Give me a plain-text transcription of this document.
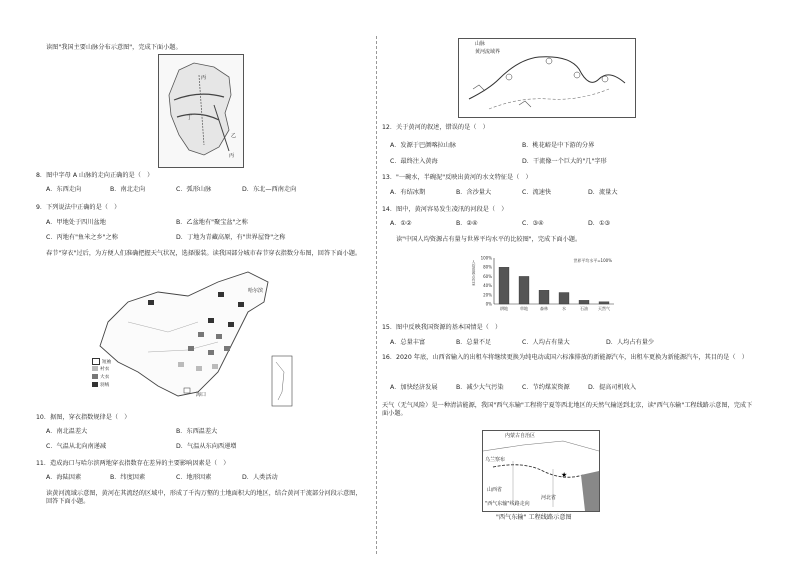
读图"我国主要山脉分布示意图"，完成下面小题。
丙
丁
乙
丙
8．图中字母 A 山脉的走向正确的是（　）
A．东西走向	B．南北走向	C．弧形山脉	D．东北—西南走向
9．下列说法中正确的是（　）
A．甲地处于四川盆地	B．乙盆地有"聚宝盆"之称
C．丙地有"鱼米之乡"之称	D．丁地为青藏高原，有"世界屋脊"之称
春节"穿衣"过后，为方便人们准确把握天气状况，选择服装。读我国部分城市春节穿衣指数分布图，回答下面小题。
哈尔滨
海口
短袖
衬衣
大衣
羽绒
10．据图，穿衣指数规律是（　）
A．南北温差大	B．东西温差大
C．气温从北向南递减	D．气温从东向西递增
11．造成海口与哈尔滨两地穿衣指数存在差异的主要影响因素是（　）
A．海陆因素	B．纬度因素	C．地形因素	D．人类活动
读黄河流域示意图，黄河在其流经的区域中，形成了千沟万壑的土地面积大的地区，结合黄河干流部分河段示意图，回答下面小题。
山脉
黄河流域界
12．关于黄河的叙述，错误的是（　）
A．发源于巴颜喀拉山脉	B．桃花峪是中下游的分界
C．最终注入黄海	D．干流像一个巨大的"几"字形
13．"一碗水，半碗泥"反映出黄河的水文特征是（　）
A．有结冰期	B．含沙量大	C．流速快	D．流量大
14．图中，黄河容易发生凌汛的河段是（　）
A．①②	B．②④	C．③④	D．①③
读"中国人均资源占有量与世界平均水平的比较图"，完成下面小题。
100%
80%
60%
40%
20%
0%
人均资源占有量	世界平均水平=100%
耕地	草地	森林	水	石油	天然气
15．图中反映我国资源的基本国情是（　）
A．总量丰富	B．总量不足	C．人均占有量大	D．人均占有量少
16．2020 年底，山西省输入的出租车将继续更换为纯电动或国六标准排放的新能源汽车，出租车更换为新能源汽车，其目的是（　）
A．加快经济发展	B．减少大气污染	C．节约煤炭资源	D．提高司机收入
天气（无气风险）是一种清洁能源，我国"西气东输"工程将宁夏等西北地区的天然气输送到北京，读"西气东输"工程线路示意图，完成下面小题。
★
内蒙古自治区
乌兰察布
山西省
"西气东输"线路走向
河北省
"西气东输" 工程线路示意图
